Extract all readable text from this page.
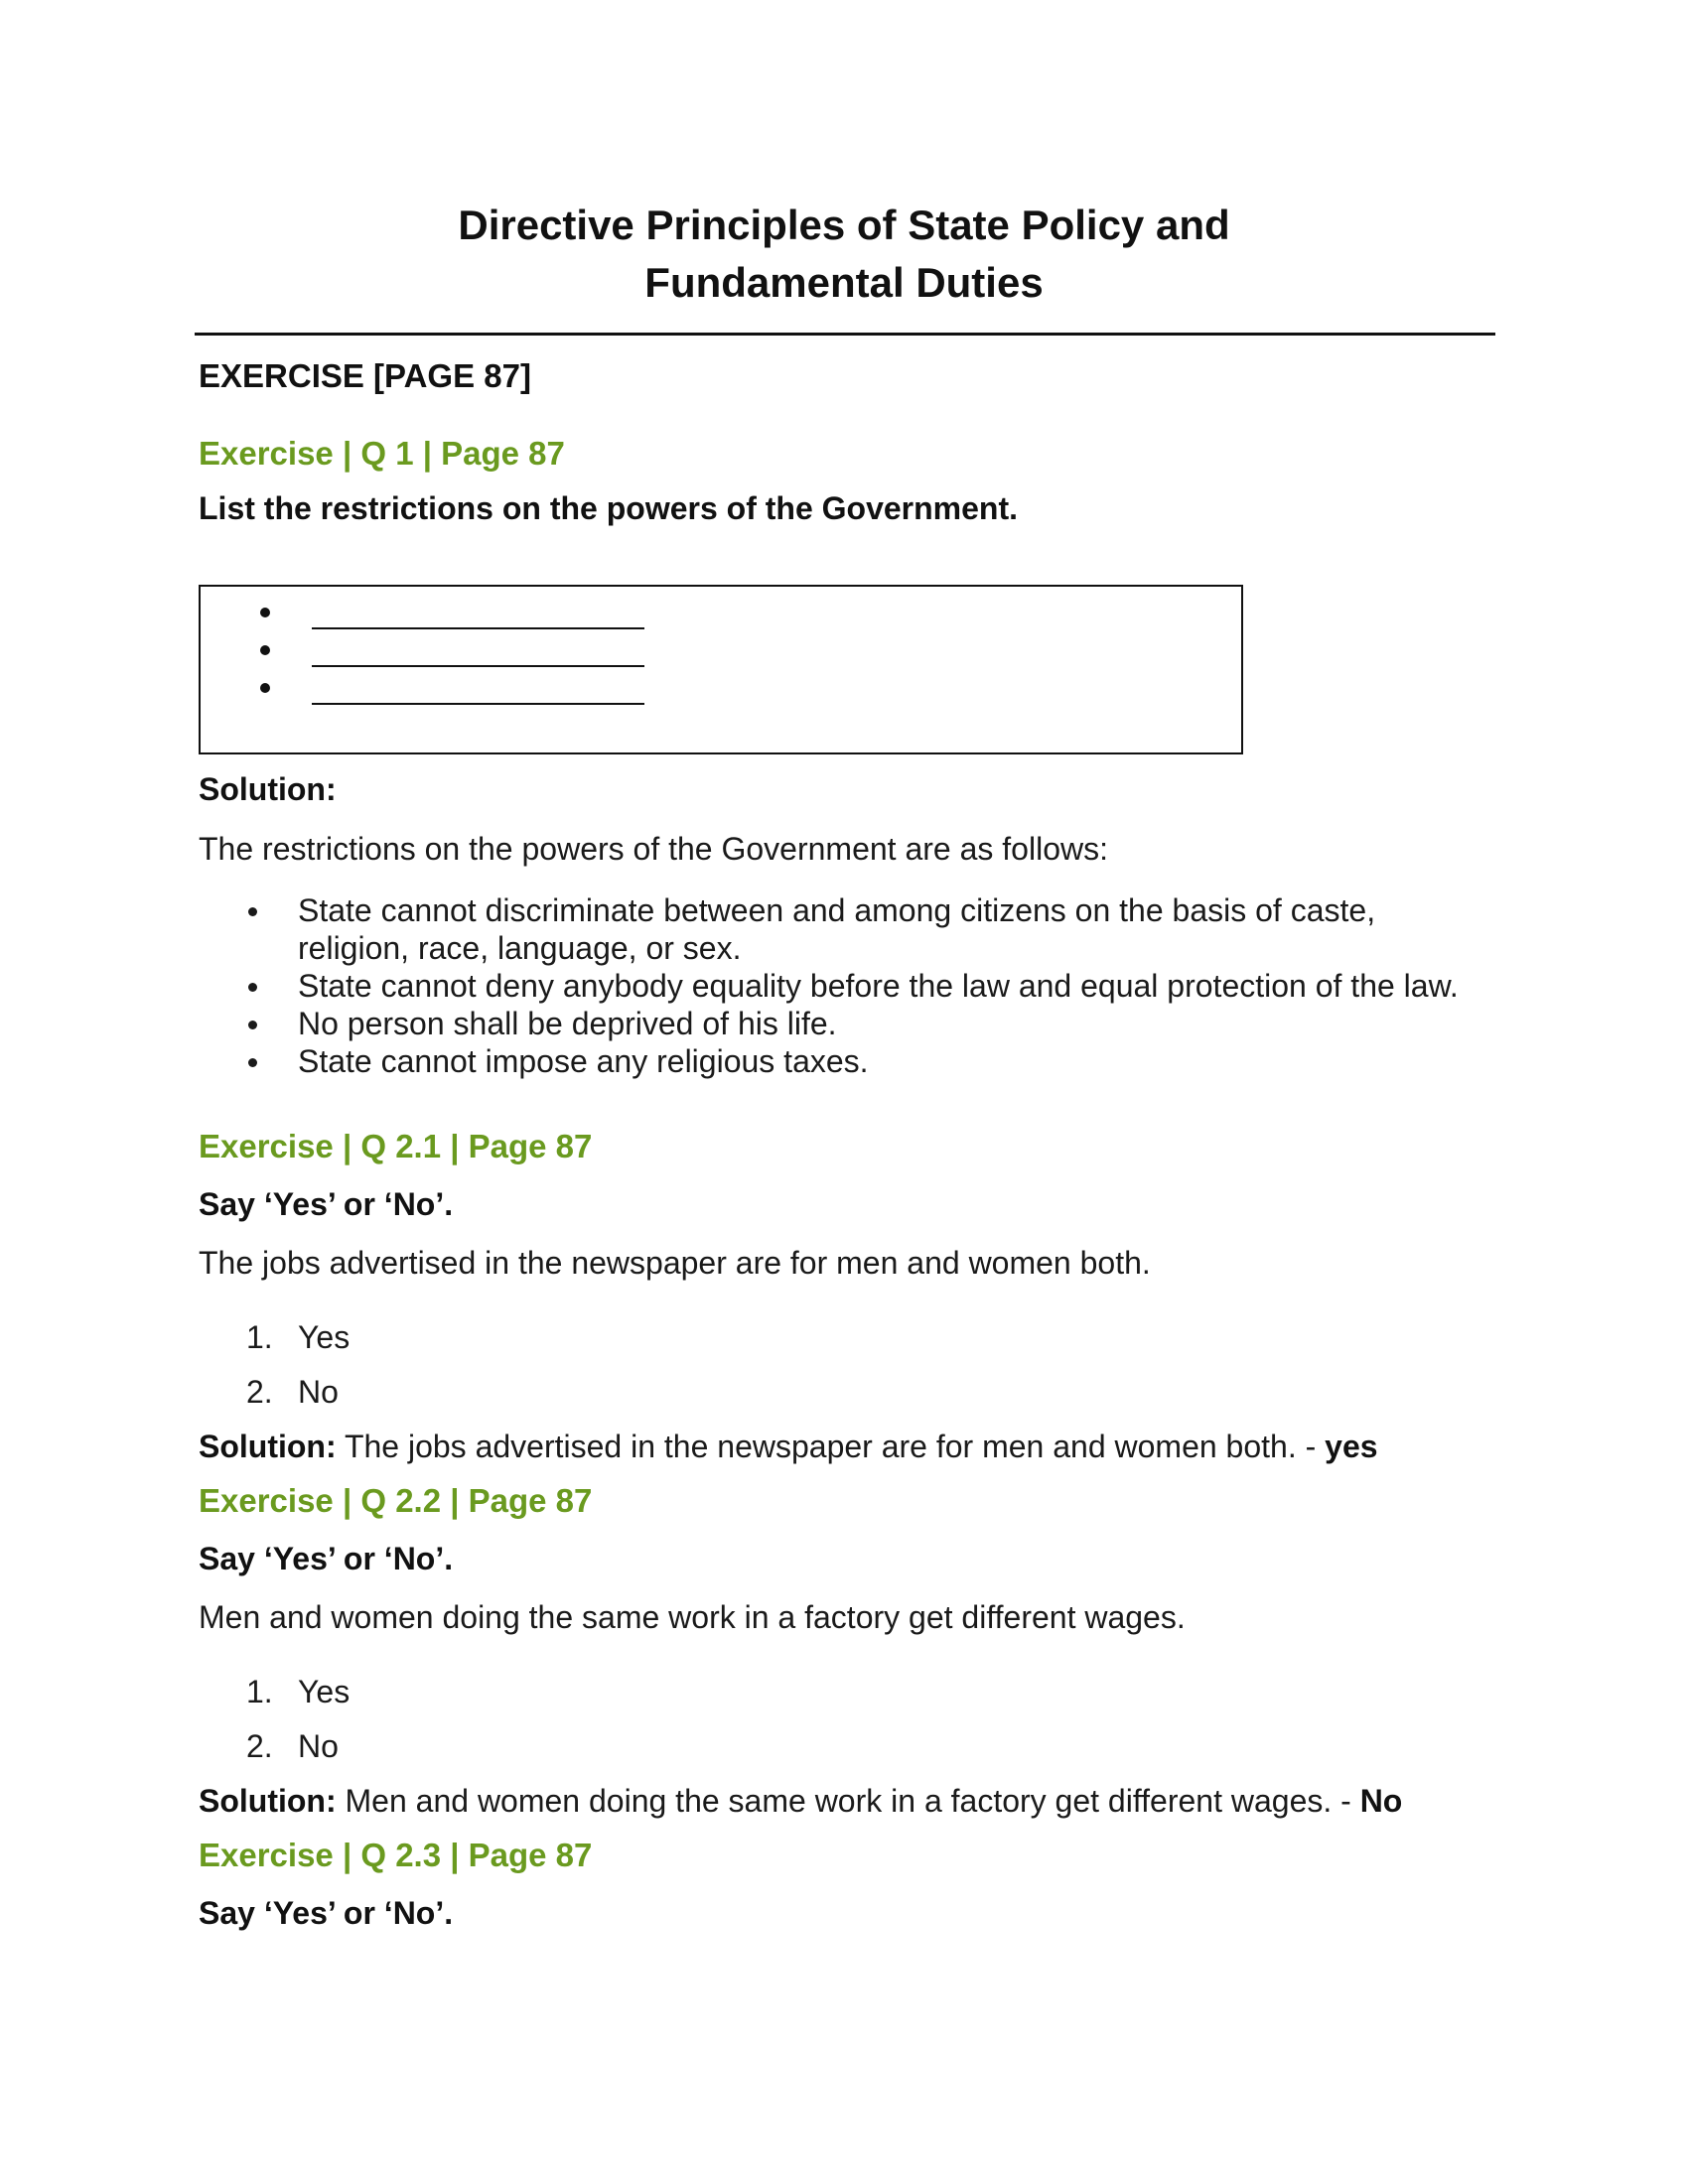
Directive Principles of State Policy and
Fundamental Duties
EXERCISE [PAGE 87]
Exercise | Q 1 | Page 87
List the restrictions on the powers of the Government.
Solution:
The restrictions on the powers of the Government are as follows:
State cannot discriminate between and among citizens on the basis of caste, religion, race, language, or sex.
State cannot deny anybody equality before the law and equal protection of the law.
No person shall be deprived of his life.
State cannot impose any religious taxes.
Exercise | Q 2.1 | Page 87
Say ‘Yes’ or ‘No’.
The jobs advertised in the newspaper are for men and women both.
1. Yes
2. No
Solution: The jobs advertised in the newspaper are for men and women both. - yes
Exercise | Q 2.2 | Page 87
Say ‘Yes’ or ‘No’.
Men and women doing the same work in a factory get different wages.
1. Yes
2. No
Solution: Men and women doing the same work in a factory get different wages. - No
Exercise | Q 2.3 | Page 87
Say ‘Yes’ or ‘No’.
